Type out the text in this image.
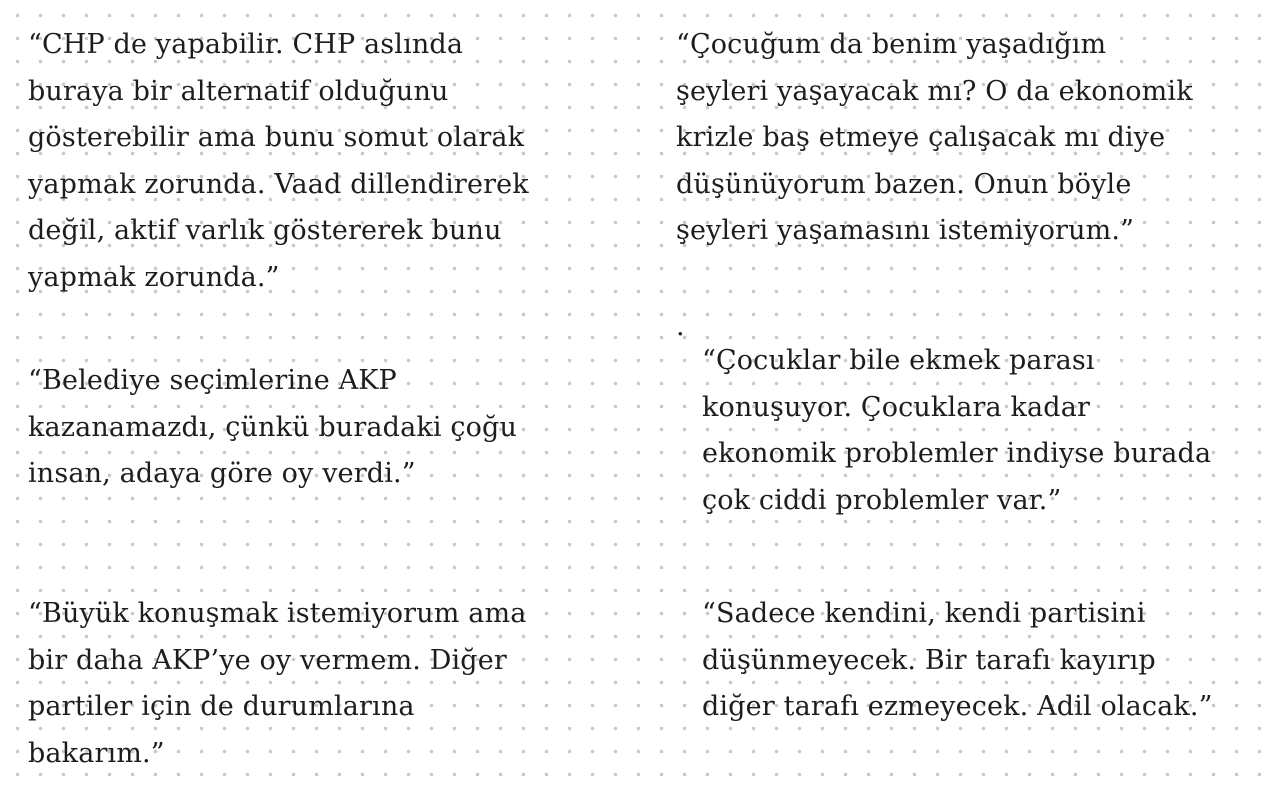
“CHP de yapabilir. CHP aslında
buraya bir alternatif olduğunu
gösterebilir ama bunu somut olarak
yapmak zorunda. Vaad dillendirerek
değil, aktif varlık göstererek bunu
yapmak zorunda.”

“Belediye seçimlerine AKP
kazanamazdı, çünkü buradaki çoğu
insan, adaya göre oy verdi.”

“Büyük konuşmak istemiyorum ama
bir daha AKP’ye oy vermem. Diğer
partiler için de durumlarına
bakarım.”

“Çocuğum da benim yaşadığım
şeyleri yaşayacak mı? O da ekonomik
krizle baş etmeye çalışacak mı diye
düşünüyorum bazen. Onun böyle
şeyleri yaşamasını istemiyorum.”

.

“Çocuklar bile ekmek parası
konuşuyor. Çocuklara kadar
ekonomik problemler indiyse burada
çok ciddi problemler var.”

“Sadece kendini, kendi partisini
düşünmeyecek. Bir tarafı kayırıp
diğer tarafı ezmeyecek. Adil olacak.”
